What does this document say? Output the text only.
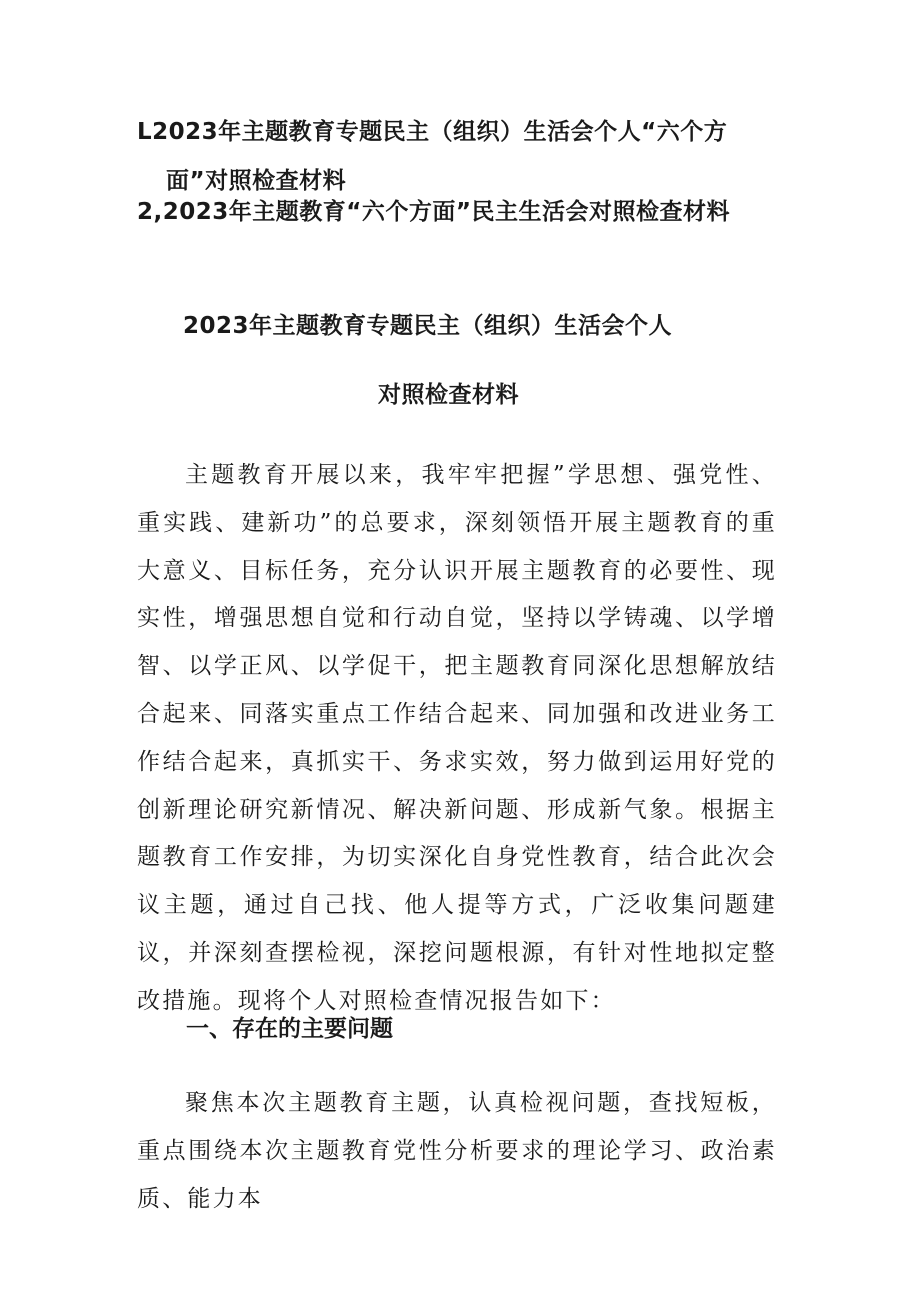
L2023年主题教育专题民主（组织）生活会个人“六个方
面”对照检查材料
2,2023年主题教育“六个方面”民主生活会对照检查材料
2023年主题教育专题民主（组织）生活会个人
对照检查材料

主题教育开展以来，我牢牢把握”学思想、强党性、重实践、建新功”的总要求，深刻领悟开展主题教育的重大意义、目标任务，充分认识开展主题教育的必要性、现实性，增强思想自觉和行动自觉，坚持以学铸魂、以学增智、以学正风、以学促干，把主题教育同深化思想解放结合起来、同落实重点工作结合起来、同加强和改进业务工作结合起来，真抓实干、务求实效，努力做到运用好党的创新理论研究新情况、解决新问题、形成新气象。根据主题教育工作安排，为切实深化自身党性教育，结合此次会议主题，通过自己找、他人提等方式，广泛收集问题建议，并深刻查摆检视，深挖问题根源，有针对性地拟定整改措施。现将个人对照检查情况报告如下：

一、存在的主要问题

聚焦本次主题教育主题，认真检视问题，查找短板，重点围绕本次主题教育党性分析要求的理论学习、政治素质、能力本
